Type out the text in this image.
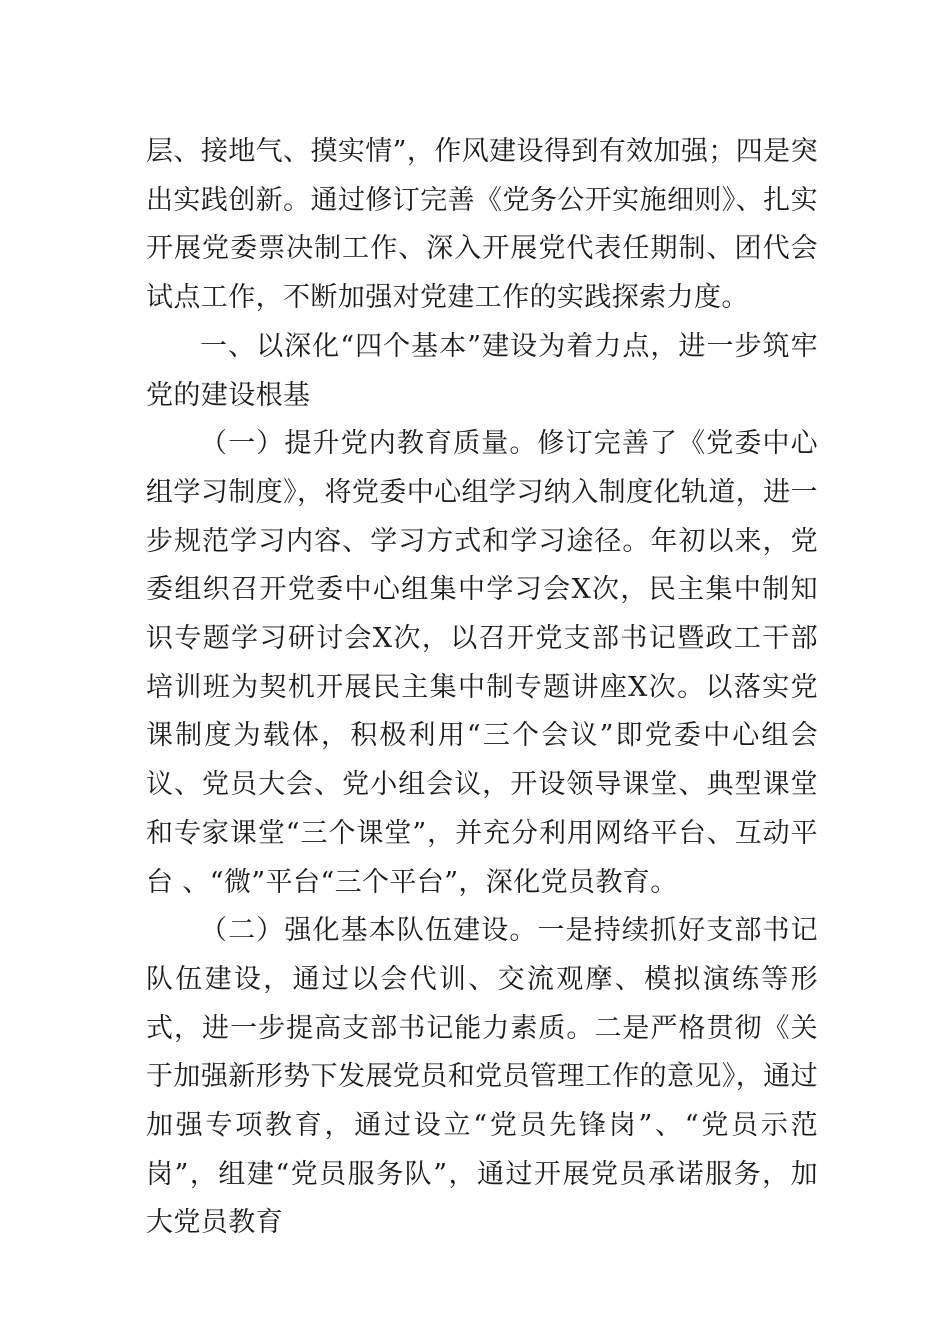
层、接地气、摸实情”，作风建设得到有效加强；四是突出实践创新。通过修订完善《党务公开实施细则》、扎实开展党委票决制工作、深入开展党代表任期制、团代会试点工作，不断加强对党建工作的实践探索力度。

一、以深化“四个基本”建设为着力点，进一步筑牢党的建设根基

（一）提升党内教育质量。修订完善了《党委中心组学习制度》，将党委中心组学习纳入制度化轨道，进一步规范学习内容、学习方式和学习途径。年初以来，党委组织召开党委中心组集中学习会X次，民主集中制知识专题学习研讨会X次，以召开党支部书记暨政工干部培训班为契机开展民主集中制专题讲座X次。以落实党课制度为载体，积极利用“三个会议”即党委中心组会议、党员大会、党小组会议，开设领导课堂、典型课堂和专家课堂“三个课堂”，并充分利用网络平台、互动平台 、“微”平台“三个平台”，深化党员教育。

（二）强化基本队伍建设。一是持续抓好支部书记队伍建设，通过以会代训、交流观摩、模拟演练等形式，进一步提高支部书记能力素质。二是严格贯彻《关于加强新形势下发展党员和党员管理工作的意见》，通过加强专项教育，通过设立“党员先锋岗”、“党员示范岗”，组建“党员服务队”，通过开展党员承诺服务，加大党员教育
